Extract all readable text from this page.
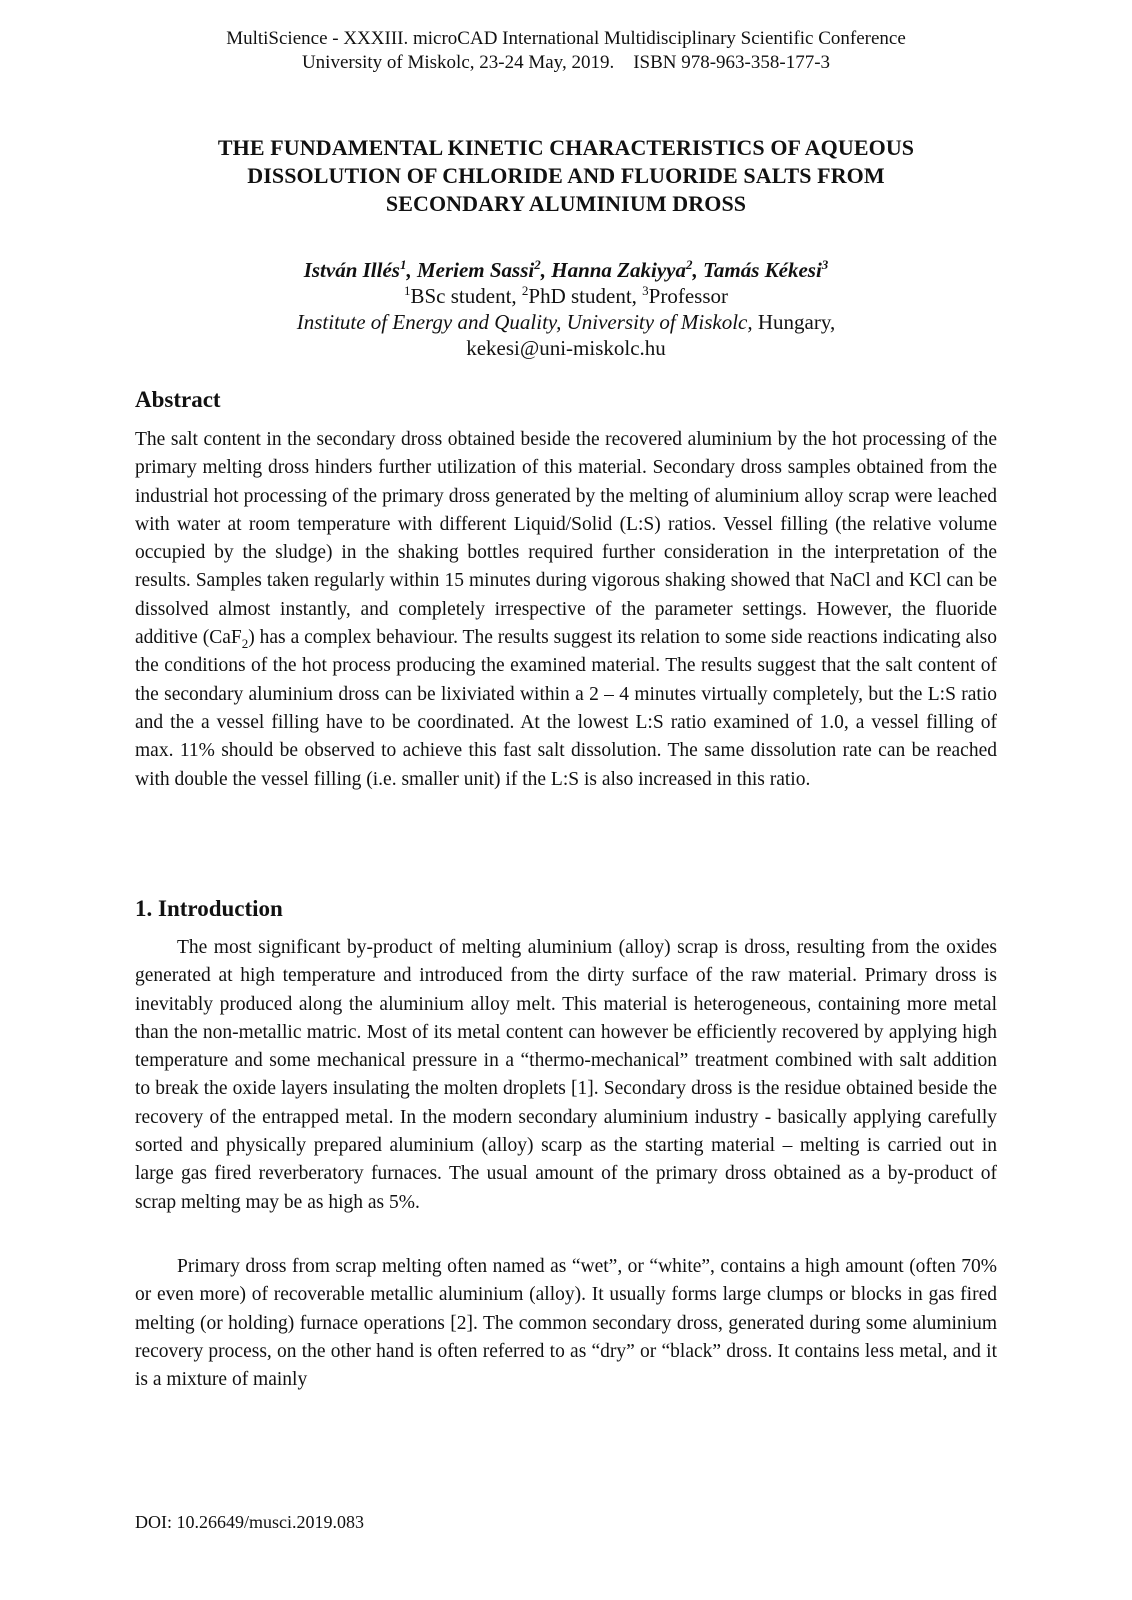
MultiScience - XXXIII. microCAD International Multidisciplinary Scientific Conference
University of Miskolc, 23-24 May, 2019.    ISBN 978-963-358-177-3
THE FUNDAMENTAL KINETIC CHARACTERISTICS OF AQUEOUS
DISSOLUTION OF CHLORIDE AND FLUORIDE SALTS FROM
SECONDARY ALUMINIUM DROSS
István Illés$^1$, Meriem Sassi$^2$, Hanna Zakiyya$^2$, Tamás Kékesi$^3$
$^1$BSc student, $^2$PhD student, $^3$Professor
Institute of Energy and Quality, University of Miskolc, Hungary,
kekesi@uni-miskolc.hu
Abstract

The salt content in the secondary dross obtained beside the recovered aluminium by the hot processing of the primary melting dross hinders further utilization of this material. Secondary dross samples obtained from the industrial hot processing of the primary dross generated by the melting of aluminium alloy scrap were leached with water at room temperature with different Liquid/Solid (L:S) ratios. Vessel filling (the relative volume occupied by the sludge) in the shaking bottles required further consideration in the interpretation of the results. Samples taken regularly within 15 minutes during vigorous shaking showed that NaCl and KCl can be dissolved almost instantly, and completely irrespective of the parameter settings. However, the fluoride additive (CaF$_2$) has a complex behaviour. The results suggest its relation to some side reactions indicating also the conditions of the hot process producing the examined material. The results suggest that the salt content of the secondary aluminium dross can be lixiviated within a 2 – 4 minutes virtually completely, but the L:S ratio and the a vessel filling have to be coordinated. At the lowest L:S ratio examined of 1.0, a vessel filling of max. 11% should be observed to achieve this fast salt dissolution. The same dissolution rate can be reached with double the vessel filling (i.e. smaller unit) if the L:S is also increased in this ratio.

1. Introduction

The most significant by-product of melting aluminium (alloy) scrap is dross, resulting from the oxides generated at high temperature and introduced from the dirty surface of the raw material. Primary dross is inevitably produced along the aluminium alloy melt. This material is heterogeneous, containing more metal than the non-metallic matric. Most of its metal content can however be efficiently recovered by applying high temperature and some mechanical pressure in a “thermo-mechanical” treatment combined with salt addition to break the oxide layers insulating the molten droplets [1]. Secondary dross is the residue obtained beside the recovery of the entrapped metal. In the modern secondary aluminium industry - basically applying carefully sorted and physically prepared aluminium (alloy) scarp as the starting material – melting is carried out in large gas fired reverberatory furnaces. The usual amount of the primary dross obtained as a by-product of scrap melting may be as high as 5%.

Primary dross from scrap melting often named as “wet”, or “white”, contains a high amount (often 70% or even more) of recoverable metallic aluminium (alloy). It usually forms large clumps or blocks in gas fired melting (or holding) furnace operations [2]. The common secondary dross, generated during some aluminium recovery process, on the other hand is often referred to as “dry” or “black” dross. It contains less metal, and it is a mixture of mainly

DOI: 10.26649/musci.2019.083
